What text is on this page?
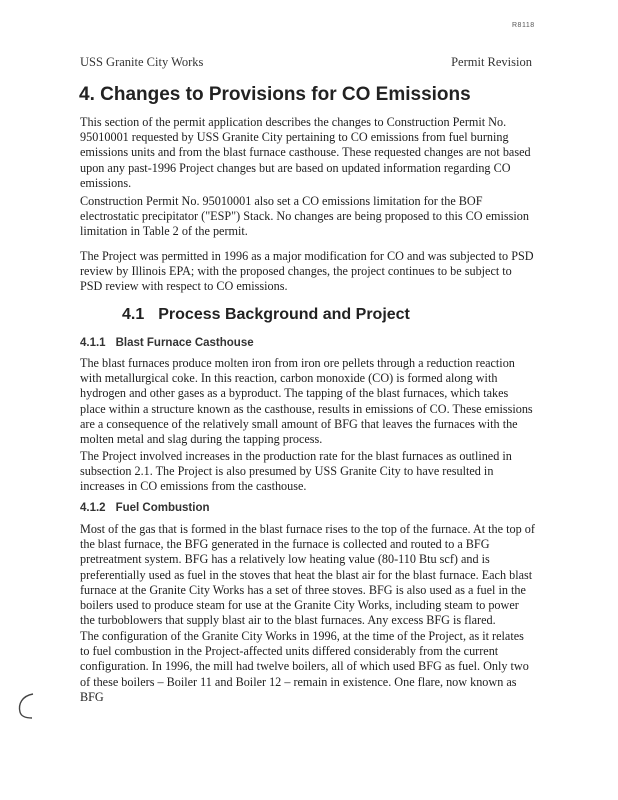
R8118
USS Granite City Works	Permit Revision
4. Changes to Provisions for CO Emissions

This section of the permit application describes the changes to Construction Permit No. 95010001 requested by USS Granite City pertaining to CO emissions from fuel burning emissions units and from the blast furnace casthouse. These requested changes are not based upon any past-1996 Project changes but are based on updated information regarding CO emissions.

Construction Permit No. 95010001 also set a CO emissions limitation for the BOF electrostatic precipitator ("ESP") Stack. No changes are being proposed to this CO emission limitation in Table 2 of the permit.

The Project was permitted in 1996 as a major modification for CO and was subjected to PSD review by Illinois EPA; with the proposed changes, the project continues to be subject to PSD review with respect to CO emissions.

4.1 Process Background and Project
4.1.1 Blast Furnace Casthouse

The blast furnaces produce molten iron from iron ore pellets through a reduction reaction with metallurgical coke. In this reaction, carbon monoxide (CO) is formed along with hydrogen and other gases as a byproduct. The tapping of the blast furnaces, which takes place within a structure known as the casthouse, results in emissions of CO. These emissions are a consequence of the relatively small amount of BFG that leaves the furnaces with the molten metal and slag during the tapping process.

The Project involved increases in the production rate for the blast furnaces as outlined in subsection 2.1. The Project is also presumed by USS Granite City to have resulted in increases in CO emissions from the casthouse.

4.1.2 Fuel Combustion

Most of the gas that is formed in the blast furnace rises to the top of the furnace. At the top of the blast furnace, the BFG generated in the furnace is collected and routed to a BFG pretreatment system. BFG has a relatively low heating value (80-110 Btu scf) and is preferentially used as fuel in the stoves that heat the blast air for the blast furnace. Each blast furnace at the Granite City Works has a set of three stoves. BFG is also used as a fuel in the boilers used to produce steam for use at the Granite City Works, including steam to power the turboblowers that supply blast air to the blast furnaces. Any excess BFG is flared.

The configuration of the Granite City Works in 1996, at the time of the Project, as it relates to fuel combustion in the Project-affected units differed considerably from the current configuration. In 1996, the mill had twelve boilers, all of which used BFG as fuel. Only two of these boilers – Boiler 11 and Boiler 12 – remain in existence. One flare, now known as BFG
